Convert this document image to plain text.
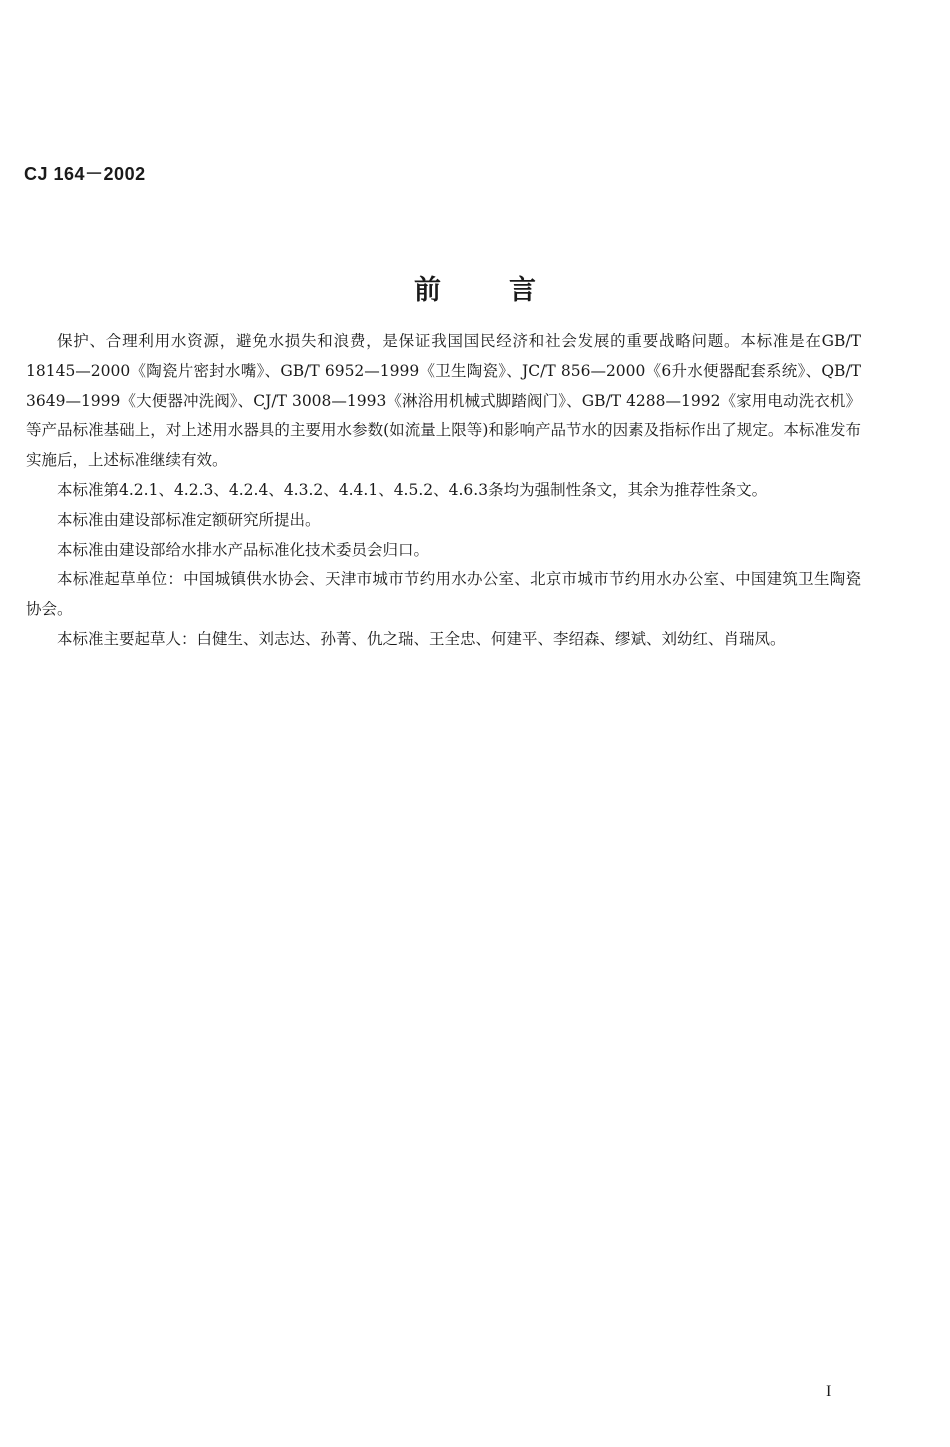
CJ 164－2002
前言

保护、合理利用水资源，避免水损失和浪费，是保证我国国民经济和社会发展的重要战略问题。本标准是在GB/T 18145—2000《陶瓷片密封水嘴》、GB/T 6952—1999《卫生陶瓷》、JC/T 856—2000《6升水便器配套系统》、QB/T 3649—1999《大便器冲洗阀》、CJ/T 3008—1993《淋浴用机械式脚踏阀门》、GB/T 4288—1992《家用电动洗衣机》等产品标准基础上，对上述用水器具的主要用水参数(如流量上限等)和影响产品节水的因素及指标作出了规定。本标准发布实施后，上述标准继续有效。

本标准第4.2.1、4.2.3、4.2.4、4.3.2、4.4.1、4.5.2、4.6.3条均为强制性条文，其余为推荐性条文。

本标准由建设部标准定额研究所提出。

本标准由建设部给水排水产品标准化技术委员会归口。

本标准起草单位：中国城镇供水协会、天津市城市节约用水办公室、北京市城市节约用水办公室、中国建筑卫生陶瓷协会。

本标准主要起草人：白健生、刘志达、孙菁、仇之瑞、王全忠、何建平、李绍森、缪斌、刘幼红、肖瑞凤。

I
